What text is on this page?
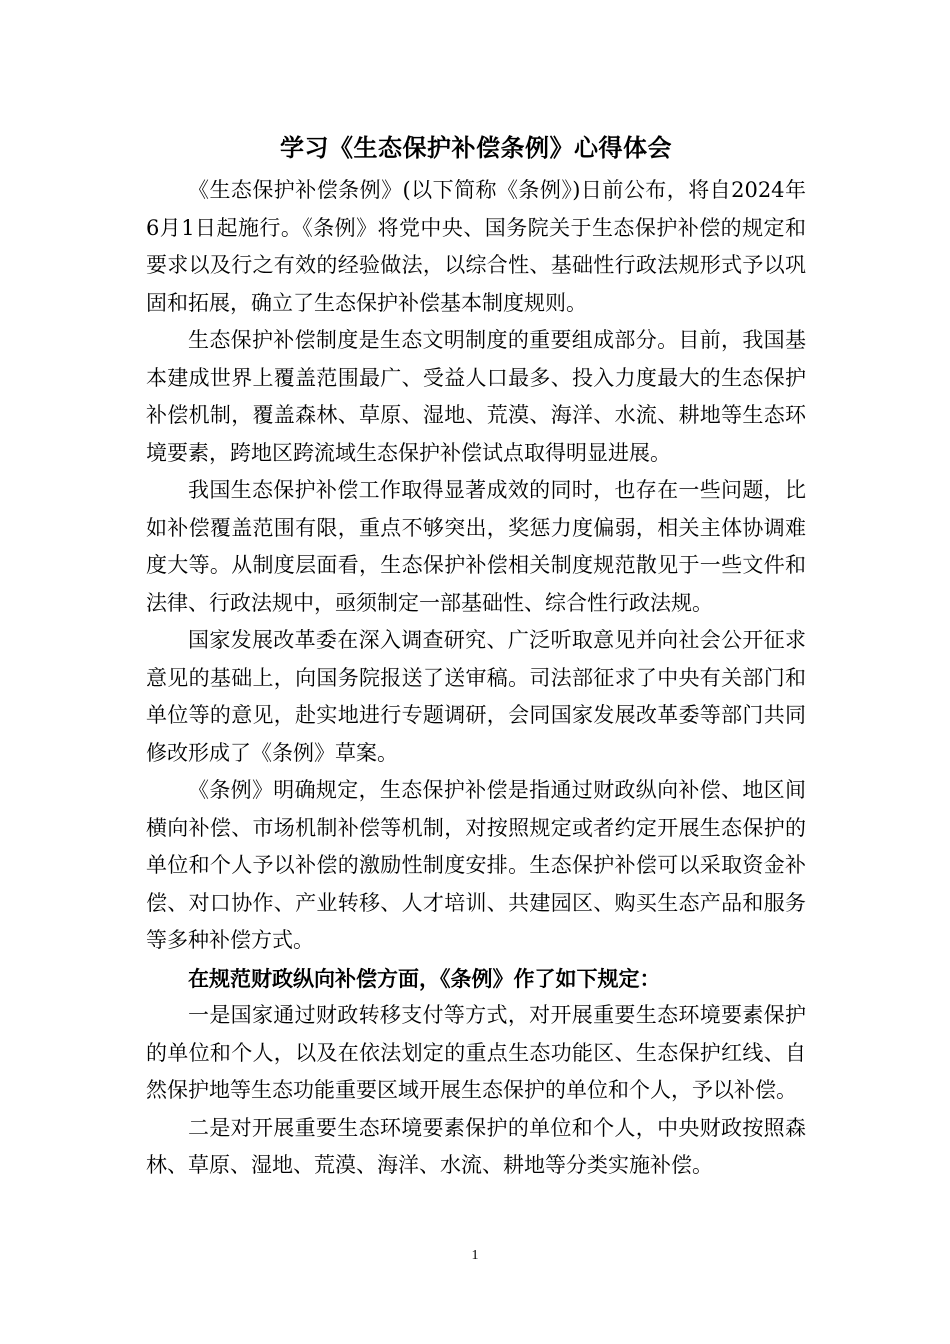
学习《生态保护补偿条例》心得体会

《生态保护补偿条例》(以下简称《条例》)日前公布，将自2024年6月1日起施行。《条例》将党中央、国务院关于生态保护补偿的规定和要求以及行之有效的经验做法，以综合性、基础性行政法规形式予以巩固和拓展，确立了生态保护补偿基本制度规则。

生态保护补偿制度是生态文明制度的重要组成部分。目前，我国基本建成世界上覆盖范围最广、受益人口最多、投入力度最大的生态保护补偿机制，覆盖森林、草原、湿地、荒漠、海洋、水流、耕地等生态环境要素，跨地区跨流域生态保护补偿试点取得明显进展。

我国生态保护补偿工作取得显著成效的同时，也存在一些问题，比如补偿覆盖范围有限，重点不够突出，奖惩力度偏弱，相关主体协调难度大等。从制度层面看，生态保护补偿相关制度规范散见于一些文件和法律、行政法规中，亟须制定一部基础性、综合性行政法规。

国家发展改革委在深入调查研究、广泛听取意见并向社会公开征求意见的基础上，向国务院报送了送审稿。司法部征求了中央有关部门和单位等的意见，赴实地进行专题调研，会同国家发展改革委等部门共同修改形成了《条例》草案。

《条例》明确规定，生态保护补偿是指通过财政纵向补偿、地区间横向补偿、市场机制补偿等机制，对按照规定或者约定开展生态保护的单位和个人予以补偿的激励性制度安排。生态保护补偿可以采取资金补偿、对口协作、产业转移、人才培训、共建园区、购买生态产品和服务等多种补偿方式。

在规范财政纵向补偿方面，《条例》作了如下规定：

一是国家通过财政转移支付等方式，对开展重要生态环境要素保护的单位和个人，以及在依法划定的重点生态功能区、生态保护红线、自然保护地等生态功能重要区域开展生态保护的单位和个人，予以补偿。

二是对开展重要生态环境要素保护的单位和个人，中央财政按照森林、草原、湿地、荒漠、海洋、水流、耕地等分类实施补偿。

1
